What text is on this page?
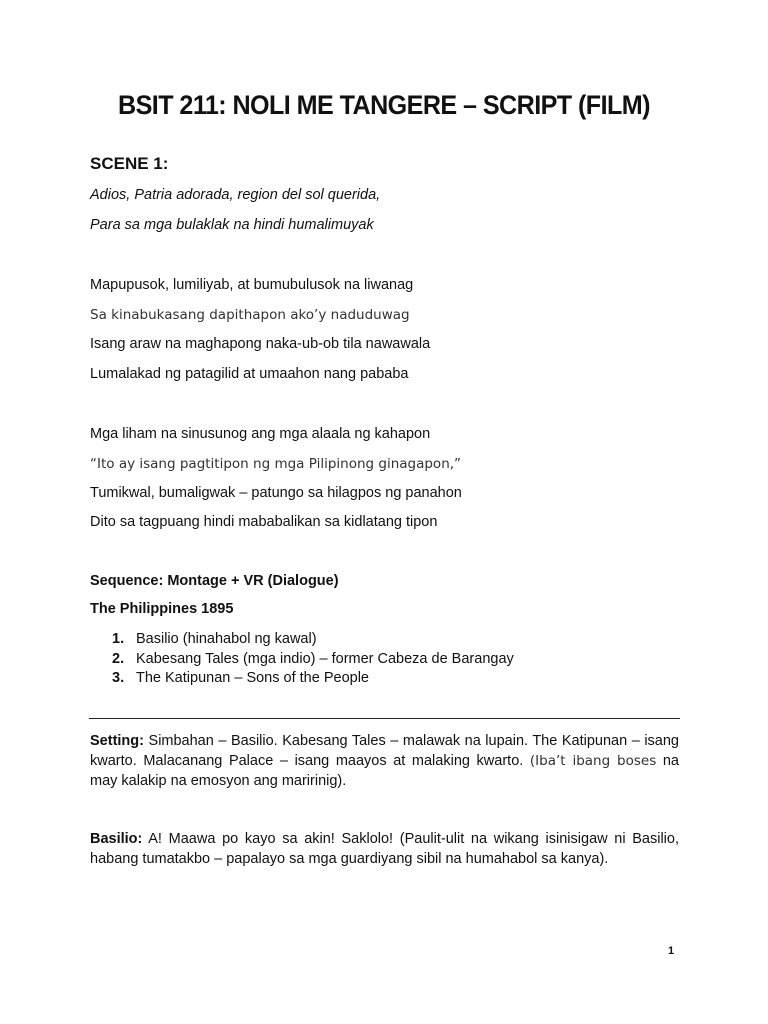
BSIT 211: NOLI ME TANGERE – SCRIPT (FILM)
SCENE 1:
Adios, Patria adorada, region del sol querida,
Para sa mga bulaklak na hindi humalimuyak
Mapupusok, lumiliyab, at bumubulusok na liwanag
Sa kinabukasang dapithapon ako’y naduduwag
Isang araw na maghapong naka-ub-ob tila nawawala
Lumalakad ng patagilid at umaahon nang pababa
Mga liham na sinusunog ang mga alaala ng kahapon
“Ito ay isang pagtitipon ng mga Pilipinong ginagapon,”
Tumikwal, bumaligwak – patungo sa hilagpos ng panahon
Dito sa tagpuang hindi mababalikan sa kidlatang tipon
Sequence: Montage + VR (Dialogue)
The Philippines 1895
1. Basilio (hinahabol ng kawal)
2. Kabesang Tales (mga indio) – former Cabeza de Barangay
3. The Katipunan – Sons of the People
Setting: Simbahan – Basilio. Kabesang Tales – malawak na lupain. The Katipunan – isang kwarto. Malacanang Palace – isang maayos at malaking kwarto. (Iba’t ibang boses na may kalakip na emosyon ang maririnig).
Basilio: A! Maawa po kayo sa akin! Saklolo! (Paulit-ulit na wikang isinisigaw ni Basilio, habang tumatakbo – papalayo sa mga guardiyang sibil na humahabol sa kanya).
1
